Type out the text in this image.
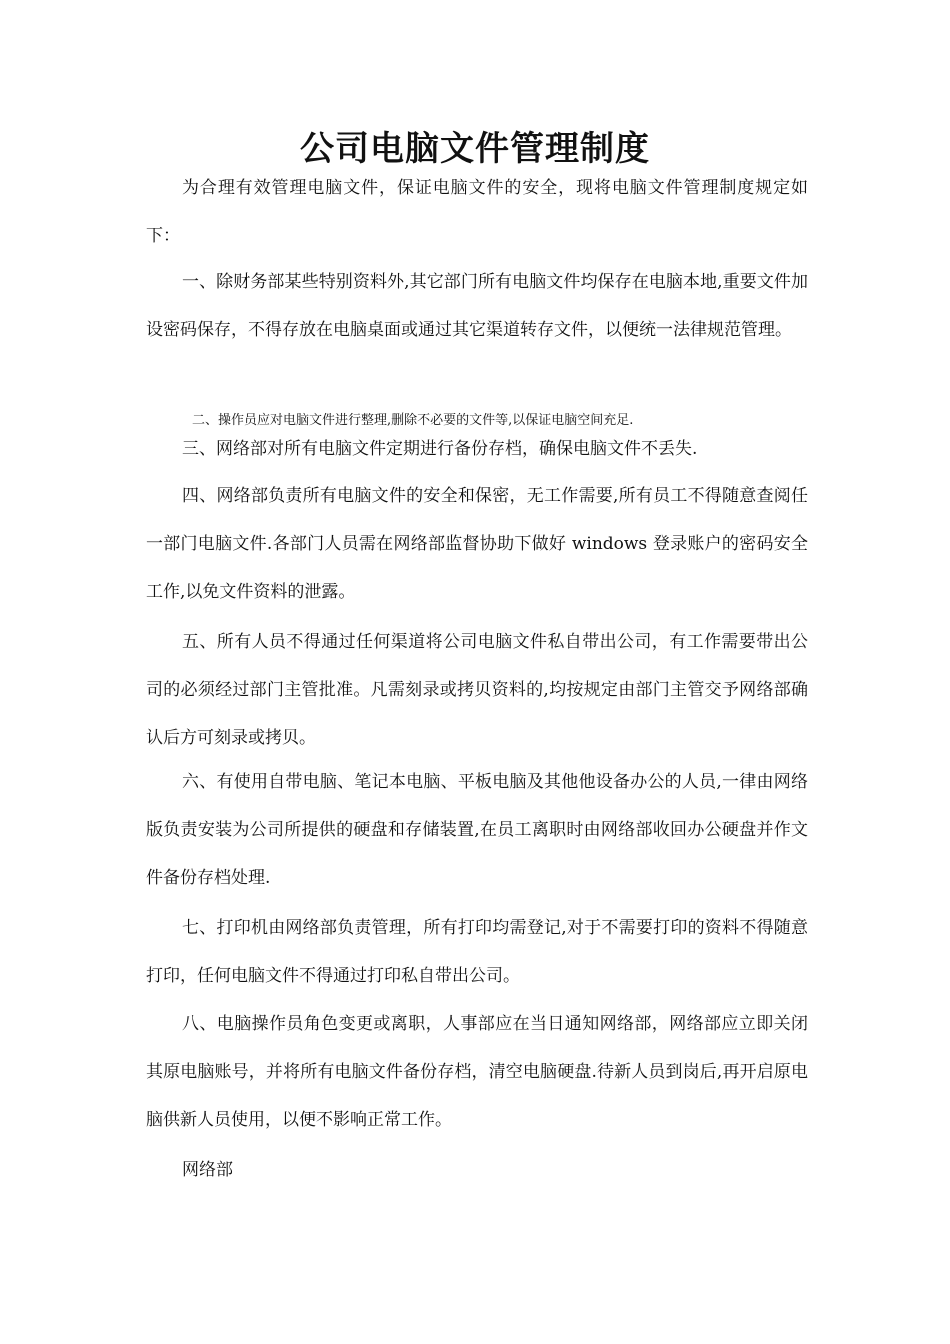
公司电脑文件管理制度

为合理有效管理电脑文件，保证电脑文件的安全，现将电脑文件管理制度规定如下：

一、除财务部某些特别资料外,其它部门所有电脑文件均保存在电脑本地,重要文件加设密码保存，不得存放在电脑桌面或通过其它渠道转存文件，以便统一法律规范管理。

二、操作员应对电脑文件进行整理,删除不必要的文件等,以保证电脑空间充足.

三、网络部对所有电脑文件定期进行备份存档，确保电脑文件不丢失.

四、网络部负责所有电脑文件的安全和保密，无工作需要,所有员工不得随意查阅任一部门电脑文件.各部门人员需在网络部监督协助下做好 windows 登录账户的密码安全工作,以免文件资料的泄露。

五、所有人员不得通过任何渠道将公司电脑文件私自带出公司，有工作需要带出公司的必须经过部门主管批准。凡需刻录或拷贝资料的,均按规定由部门主管交予网络部确认后方可刻录或拷贝。

六、有使用自带电脑、笔记本电脑、平板电脑及其他他设备办公的人员,一律由网络版负责安装为公司所提供的硬盘和存储装置,在员工离职时由网络部收回办公硬盘并作文件备份存档处理.

七、打印机由网络部负责管理，所有打印均需登记,对于不需要打印的资料不得随意打印，任何电脑文件不得通过打印私自带出公司。

八、电脑操作员角色变更或离职，人事部应在当日通知网络部，网络部应立即关闭其原电脑账号，并将所有电脑文件备份存档，清空电脑硬盘.待新人员到岗后,再开启原电脑供新人员使用，以便不影响正常工作。

网络部
